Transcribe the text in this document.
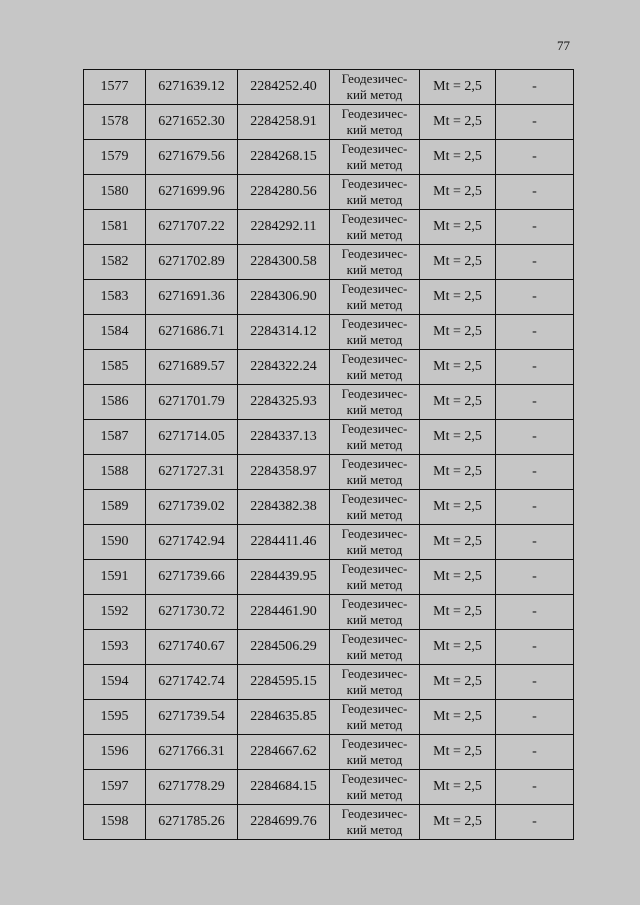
77
1577	6271639.12	2284252.40	Геодезичес-
кий метод	Mt = 2,5	-
1578	6271652.30	2284258.91	Геодезичес-
кий метод	Mt = 2,5	-
1579	6271679.56	2284268.15	Геодезичес-
кий метод	Mt = 2,5	-
1580	6271699.96	2284280.56	Геодезичес-
кий метод	Mt = 2,5	-
1581	6271707.22	2284292.11	Геодезичес-
кий метод	Mt = 2,5	-
1582	6271702.89	2284300.58	Геодезичес-
кий метод	Mt = 2,5	-
1583	6271691.36	2284306.90	Геодезичес-
кий метод	Mt = 2,5	-
1584	6271686.71	2284314.12	Геодезичес-
кий метод	Mt = 2,5	-
1585	6271689.57	2284322.24	Геодезичес-
кий метод	Mt = 2,5	-
1586	6271701.79	2284325.93	Геодезичес-
кий метод	Mt = 2,5	-
1587	6271714.05	2284337.13	Геодезичес-
кий метод	Mt = 2,5	-
1588	6271727.31	2284358.97	Геодезичес-
кий метод	Mt = 2,5	-
1589	6271739.02	2284382.38	Геодезичес-
кий метод	Mt = 2,5	-
1590	6271742.94	2284411.46	Геодезичес-
кий метод	Mt = 2,5	-
1591	6271739.66	2284439.95	Геодезичес-
кий метод	Mt = 2,5	-
1592	6271730.72	2284461.90	Геодезичес-
кий метод	Mt = 2,5	-
1593	6271740.67	2284506.29	Геодезичес-
кий метод	Mt = 2,5	-
1594	6271742.74	2284595.15	Геодезичес-
кий метод	Mt = 2,5	-
1595	6271739.54	2284635.85	Геодезичес-
кий метод	Mt = 2,5	-
1596	6271766.31	2284667.62	Геодезичес-
кий метод	Mt = 2,5	-
1597	6271778.29	2284684.15	Геодезичес-
кий метод	Mt = 2,5	-
1598	6271785.26	2284699.76	Геодезичес-
кий метод	Mt = 2,5	-
